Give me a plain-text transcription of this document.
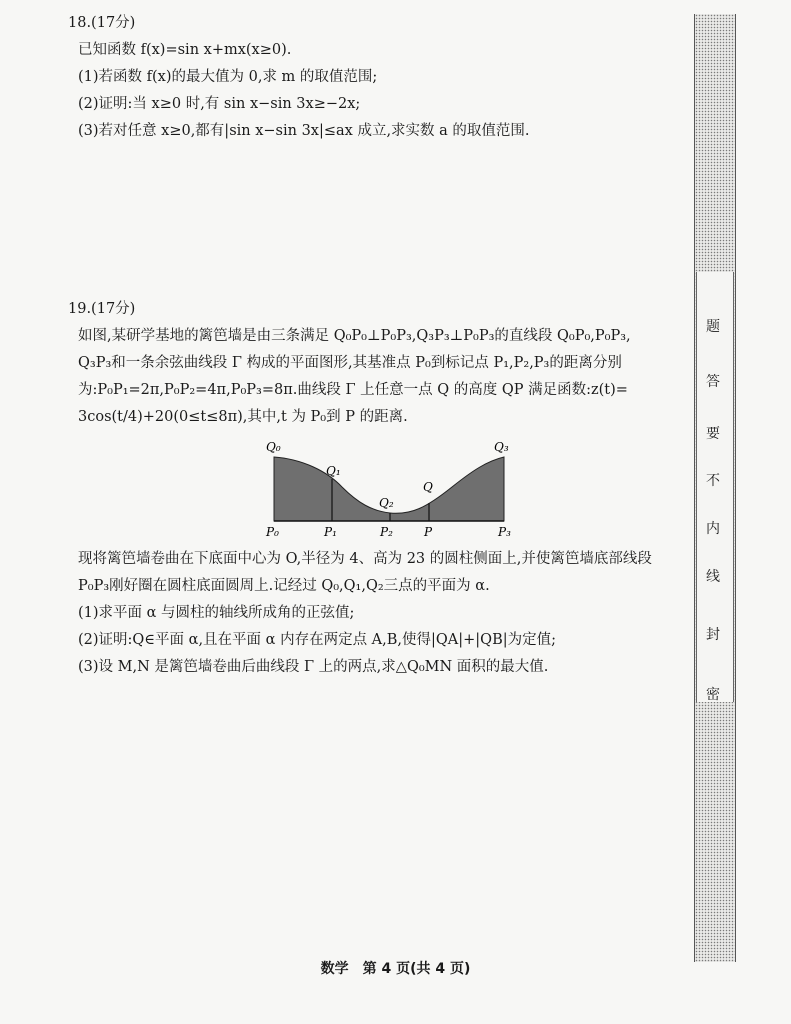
18.(17分)
已知函数 f(x)=sin x+mx(x≥0).
(1)若函数 f(x)的最大值为 0,求 m 的取值范围;
(2)证明:当 x≥0 时,有 sin x−sin 3x≥−2x;
(3)若对任意 x≥0,都有|sin x−sin 3x|≤ax 成立,求实数 a 的取值范围.
19.(17分)
如图,某研学基地的篱笆墙是由三条满足 Q₀P₀⊥P₀P₃,Q₃P₃⊥P₀P₃的直线段 Q₀P₀,P₀P₃,
Q₃P₃和一条余弦曲线段 Γ 构成的平面图形,其基准点 P₀到标记点 P₁,P₂,P₃的距离分别
为:P₀P₁=2π,P₀P₂=4π,P₀P₃=8π.曲线段 Γ 上任意一点 Q 的高度 QP 满足函数:z(t)=
3cos(t/4)+20(0≤t≤8π),其中,t 为 P₀到 P 的距离.
Q₀
Q₁
Q₂
Q
Q₃
P₀	P₁	P₂	P	P₃
现将篱笆墙卷曲在下底面中心为 O,半径为 4、高为 23 的圆柱侧面上,并使篱笆墙底部线段
P₀P₃刚好圈在圆柱底面圆周上.记经过 Q₀,Q₁,Q₂三点的平面为 α.
(1)求平面 α 与圆柱的轴线所成角的正弦值;
(2)证明:Q∈平面 α,且在平面 α 内存在两定点 A,B,使得|QA|+|QB|为定值;
(3)设 M,N 是篱笆墙卷曲后曲线段 Γ 上的两点,求△Q₀MN 面积的最大值.
题
答
要
不
内
线
封
密
数学　第 4 页(共 4 页)
